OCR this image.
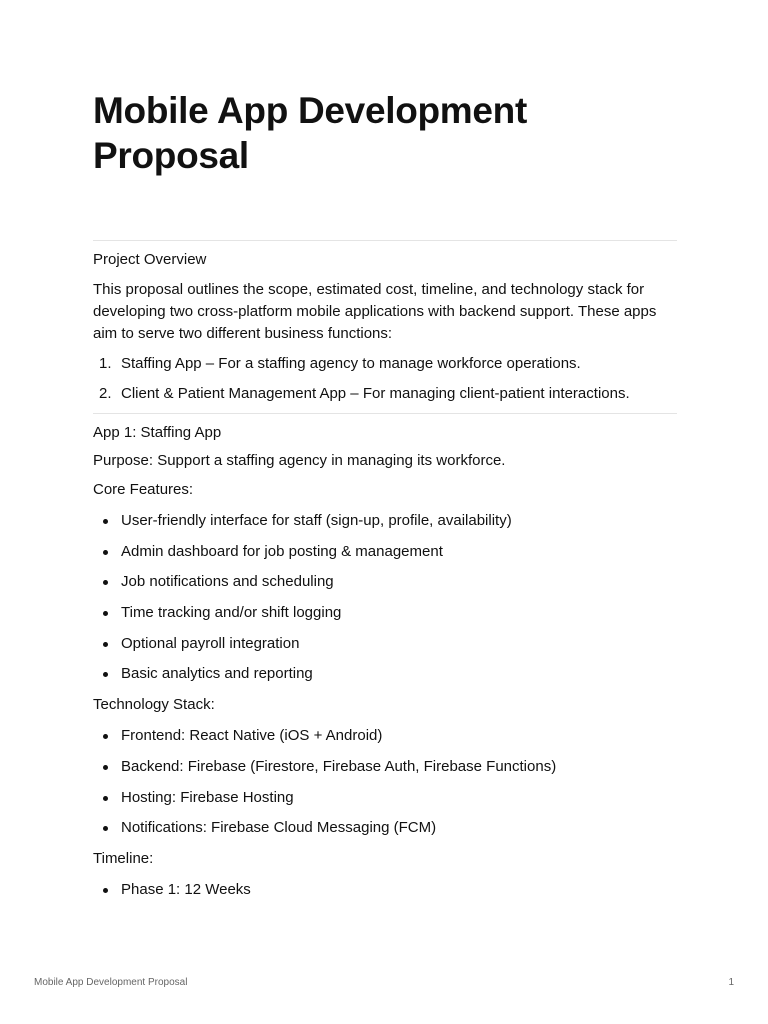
Mobile App Development
Proposal
Project Overview

This proposal outlines the scope, estimated cost, timeline, and technology stack for developing two cross-platform mobile applications with backend support. These apps aim to serve two different business functions:

1. Staffing App – For a staffing agency to manage workforce operations.
2. Client & Patient Management App – For managing client-patient interactions.
App 1: Staffing App

Purpose: Support a staffing agency in managing its workforce.

Core Features:

User-friendly interface for staff (sign-up, profile, availability)
Admin dashboard for job posting & management
Job notifications and scheduling
Time tracking and/or shift logging
Optional payroll integration
Basic analytics and reporting

Technology Stack:

Frontend: React Native (iOS + Android)
Backend: Firebase (Firestore, Firebase Auth, Firebase Functions)
Hosting: Firebase Hosting
Notifications: Firebase Cloud Messaging (FCM)

Timeline:

Phase 1: 12 Weeks
Mobile App Development Proposal	1
